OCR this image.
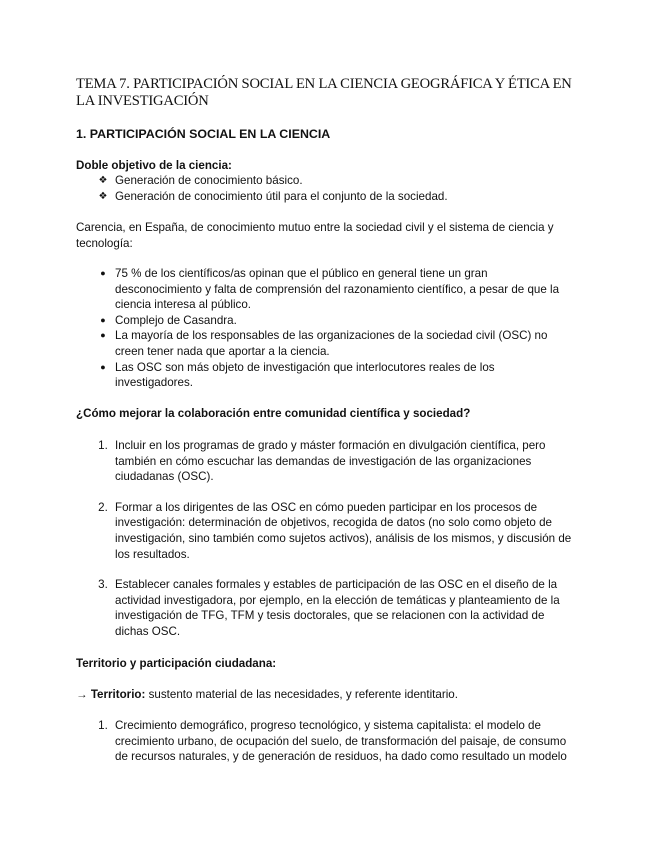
TEMA 7. PARTICIPACIÓN SOCIAL EN LA CIENCIA GEOGRÁFICA Y ÉTICA EN LA INVESTIGACIÓN
1. PARTICIPACIÓN SOCIAL EN LA CIENCIA
Doble objetivo de la ciencia:
❖ Generación de conocimiento básico.
❖ Generación de conocimiento útil para el conjunto de la sociedad.
Carencia, en España, de conocimiento mutuo entre la sociedad civil y el sistema de ciencia y tecnología:
● 75 % de los científicos/as opinan que el público en general tiene un gran desconocimiento y falta de comprensión del razonamiento científico, a pesar de que la ciencia interesa al público.
● Complejo de Casandra.
● La mayoría de los responsables de las organizaciones de la sociedad civil (OSC) no creen tener nada que aportar a la ciencia.
● Las OSC son más objeto de investigación que interlocutores reales de los investigadores.
¿Cómo mejorar la colaboración entre comunidad científica y sociedad?
1. Incluir en los programas de grado y máster formación en divulgación científica, pero también en cómo escuchar las demandas de investigación de las organizaciones ciudadanas (OSC).
2. Formar a los dirigentes de las OSC en cómo pueden participar en los procesos de investigación: determinación de objetivos, recogida de datos (no solo como objeto de investigación, sino también como sujetos activos), análisis de los mismos, y discusión de los resultados.
3. Establecer canales formales y estables de participación de las OSC en el diseño de la actividad investigadora, por ejemplo, en la elección de temáticas y planteamiento de la investigación de TFG, TFM y tesis doctorales, que se relacionen con la actividad de dichas OSC.
Territorio y participación ciudadana:
→ Territorio: sustento material de las necesidades, y referente identitario.
1. Crecimiento demográfico, progreso tecnológico, y sistema capitalista: el modelo de crecimiento urbano, de ocupación del suelo, de transformación del paisaje, de consumo de recursos naturales, y de generación de residuos, ha dado como resultado un modelo
